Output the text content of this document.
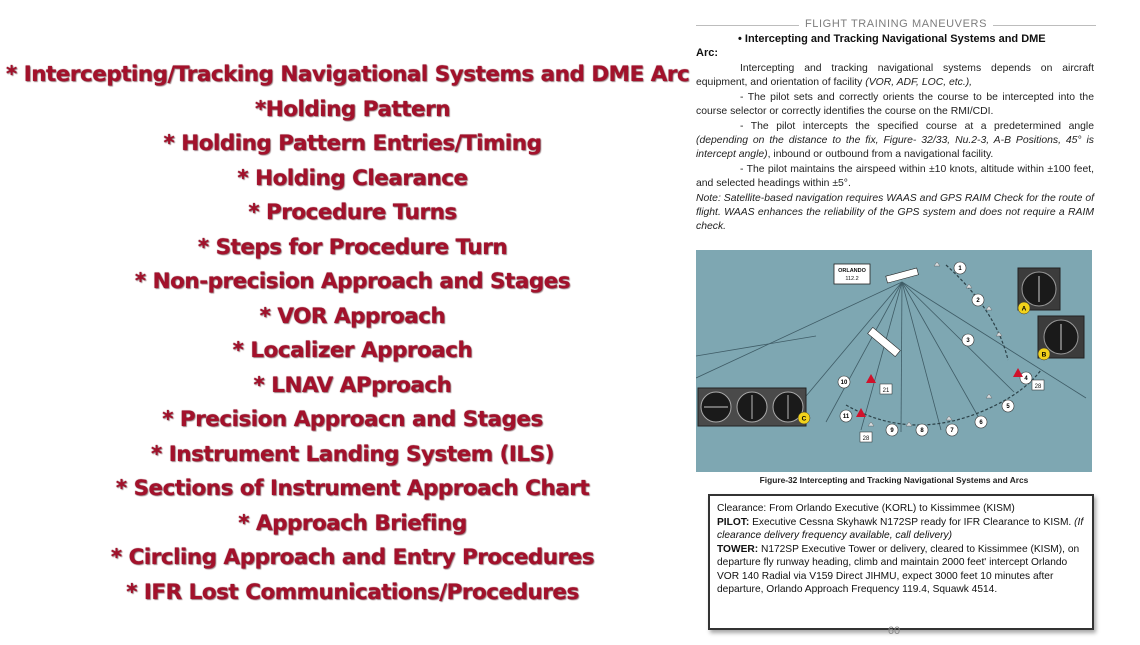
* Intercepting/Tracking Navigational Systems and DME Arc
*Holding Pattern
* Holding Pattern Entries/Timing
* Holding Clearance
* Procedure Turns
* Steps for Procedure Turn
* Non-precision Approach and Stages
* VOR Approach
* Localizer Approach
* LNAV APproach
* Precision Approacn and Stages
* Instrument Landing System (ILS)
* Sections of Instrument Approach Chart
* Approach Briefing
* Circling Approach and Entry Procedures
* IFR Lost Communications/Procedures
FLIGHT TRAINING MANEUVERS
• Intercepting and Tracking Navigational Systems and DME
Arc:

Intercepting and tracking navigational systems depends on aircraft equipment, and orientation of facility (VOR, ADF, LOC, etc.),

- The pilot sets and correctly orients the course to be intercepted into the course selector or correctly identifies the course on the RMI/CDI.

- The pilot intercepts the specified course at a predetermined angle (depending on the distance to the fix, Figure- 32/33, Nu.2-3, A-B Positions, 45° is intercept angle), inbound or outbound from a navigational facility.

- The pilot maintains the airspeed within ±10 knots, altitude within ±100 feet, and selected headings within ±5°.

Note: Satellite-based navigation requires WAAS and GPS RAIM Check for the route of flight. WAAS enhances the reliability of the GPS system and does not require a RAIM check.

ORLANDO
112.2
1
2
3
4
5
6
7
8
9
10
11
21
28
28
A
B
C
Figure-32 Intercepting and Tracking Navigational Systems and Arcs

Clearance: From Orlando Executive (KORL) to Kissimmee (KISM)

PILOT: Executive Cessna Skyhawk N172SP ready for IFR Clearance to KISM. (If clearance delivery frequency available, call delivery)

TOWER: N172SP Executive Tower or delivery, cleared to Kissimmee (KISM), on departure fly runway heading, climb and maintain 2000 feet' intercept Orlando VOR 140 Radial via V159 Direct JIHMU, expect 3000 feet 10 minutes after departure, Orlando Approach Frequency 119.4, Squawk 4514.

60
